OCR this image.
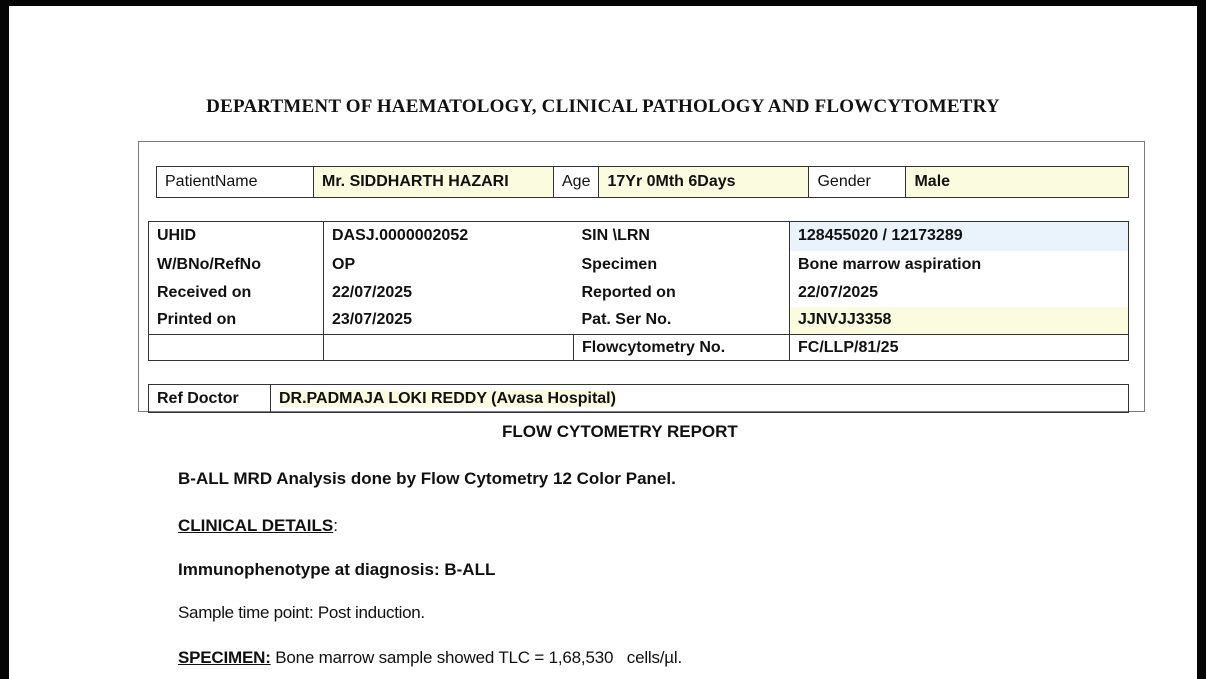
DEPARTMENT OF HAEMATOLOGY, CLINICAL PATHOLOGY AND FLOWCYTOMETRY
PatientName	Mr. SIDDHARTH HAZARI	Age	17Yr 0Mth 6Days	Gender	Male
UHID	DASJ.0000002052	SIN \LRN	128455020 / 12173289
W/BNo/RefNo	OP	Specimen	Bone marrow aspiration
Received on	22/07/2025	Reported on	22/07/2025
Printed on	23/07/2025	Pat. Ser No.	JJNVJJ3358
		Flowcytometry No.	FC/LLP/81/25
Ref Doctor	DR.PADMAJA LOKI REDDY (Avasa Hospital)
FLOW CYTOMETRY REPORT
B-ALL MRD Analysis done by Flow Cytometry 12 Color Panel.
CLINICAL DETAILS:
Immunophenotype at diagnosis: B-ALL
Sample time point: Post induction.
SPECIMEN: Bone marrow sample showed TLC = 1,68,530   cells/µl.
